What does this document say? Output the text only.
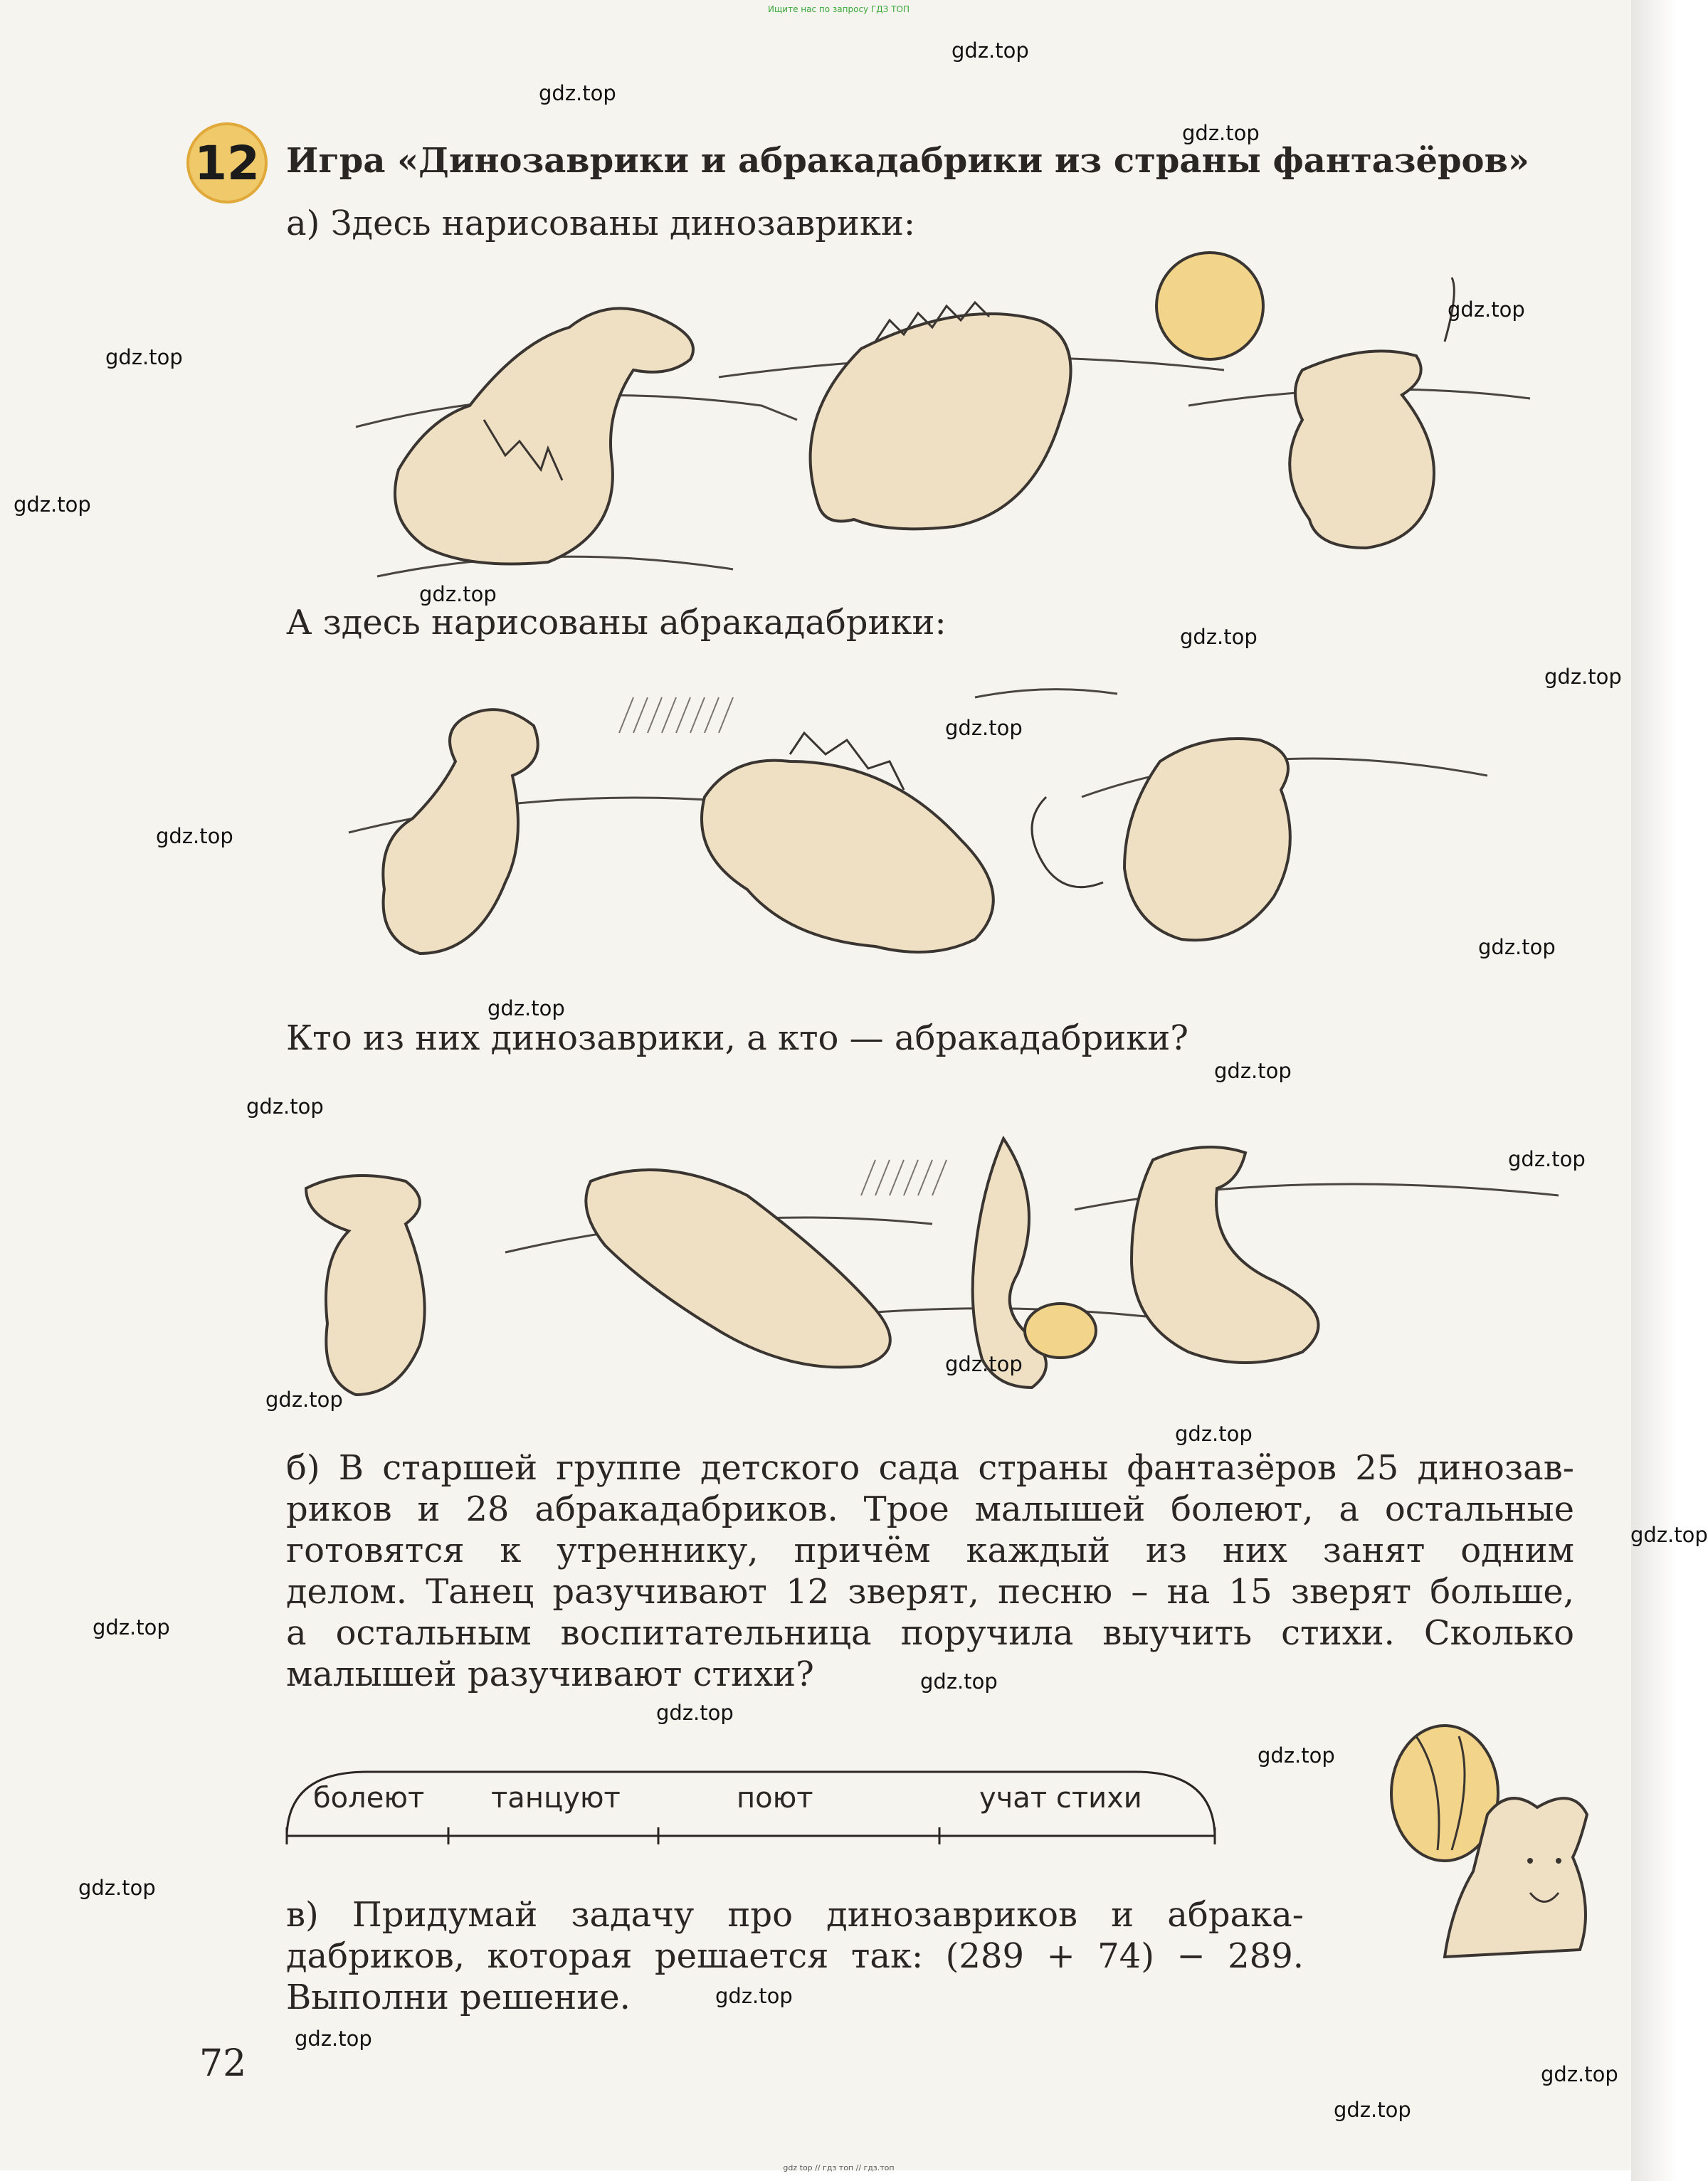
Ищите нас по запросу ГДЗ ТОП
12 Игра «Динозаврики и абракадабрики из страны фантазёров»
а) Здесь нарисованы динозаврики:
А здесь нарисованы абракадабрики:
Кто из них динозаврики, а кто — абракадабрики?
б) В старшей группе детского сада страны фантазёров 25 динозав-
риков и 28 абракадабриков. Трое малышей болеют, а остальные
готовятся к утреннику, причём каждый из них занят одним
делом. Танец разучивают 12 зверят, песню – на 15 зверят больше,
а остальным воспитательница поручила выучить стихи. Сколько
малышей разучивают стихи?
болеют танцуют	поют	учат стихи
в) Придумай задачу про динозавриков и абрака-
дабриков, которая решается так: (289 + 74) − 289.
Выполни решение.
72
gdz.top
gdz.top
gdz.top
gdz.top
gdz.top
gdz.top
gdz.top
gdz.top
gdz.top
gdz.top
gdz.top
gdz.top
gdz.top
gdz.top
gdz.top
gdz.top
gdz.top
gdz.top
gdz.top
gdz.top
gdz.top
gdz.top
gdz.top
gdz.top
gdz.top
gdz.top
gdz.top
gdz.top
gdz.top
gdz top // гдз топ // гдз.топ
